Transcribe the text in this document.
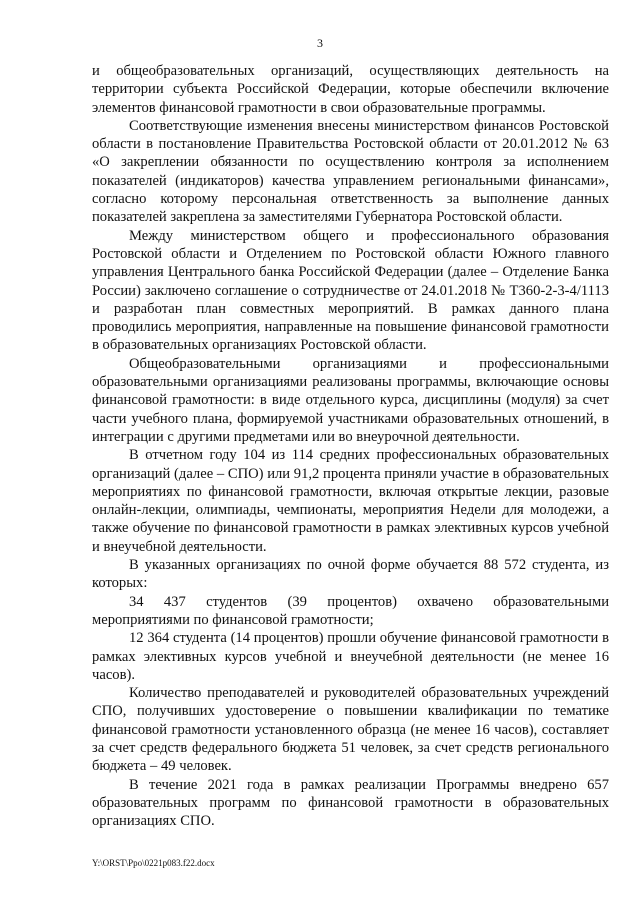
3

и общеобразовательных организаций, осуществляющих деятельность на территории субъекта Российской Федерации, которые обеспечили включение элементов финансовой грамотности в свои образовательные программы.

Соответствующие изменения внесены министерством финансов Ростовской области в постановление Правительства Ростовской области от 20.01.2012 № 63 «О закреплении обязанности по осуществлению контроля за исполнением показателей (индикаторов) качества управлением региональными финансами», согласно которому персональная ответственность за выполнение данных показателей закреплена за заместителями Губернатора Ростовской области.

Между министерством общего и профессионального образования Ростовской области и Отделением по Ростовской области Южного главного управления Центрального банка Российской Федерации (далее – Отделение Банка России) заключено соглашение о сотрудничестве от 24.01.2018 № Т360-2-3-4/1113 и разработан план совместных мероприятий. В рамках данного плана проводились мероприятия, направленные на повышение финансовой грамотности в образовательных организациях Ростовской области.

Общеобразовательными организациями и профессиональными образовательными организациями реализованы программы, включающие основы финансовой грамотности: в виде отдельного курса, дисциплины (модуля) за счет части учебного плана, формируемой участниками образовательных отношений, в интеграции с другими предметами или во внеурочной деятельности.

В отчетном году 104 из 114 средних профессиональных образовательных организаций (далее – СПО) или 91,2 процента приняли участие в образовательных мероприятиях по финансовой грамотности, включая открытые лекции, разовые онлайн-лекции, олимпиады, чемпионаты, мероприятия Недели для молодежи, а также обучение по финансовой грамотности в рамках элективных курсов учебной и внеучебной деятельности.

В указанных организациях по очной форме обучается 88 572 студента, из которых:

34 437 студентов (39 процентов) охвачено образовательными мероприятиями по финансовой грамотности;

12 364 студента (14 процентов) прошли обучение финансовой грамотности в рамках элективных курсов учебной и внеучебной деятельности (не менее 16 часов).

Количество преподавателей и руководителей образовательных учреждений СПО, получивших удостоверение о повышении квалификации по тематике финансовой грамотности установленного образца (не менее 16 часов), составляет за счет средств федерального бюджета 51 человек, за счет средств регионального бюджета – 49 человек.

В течение 2021 года в рамках реализации Программы внедрено 657 образовательных программ по финансовой грамотности в образовательных организациях СПО.

Y:\ORST\Ppo\0221p083.f22.docx
